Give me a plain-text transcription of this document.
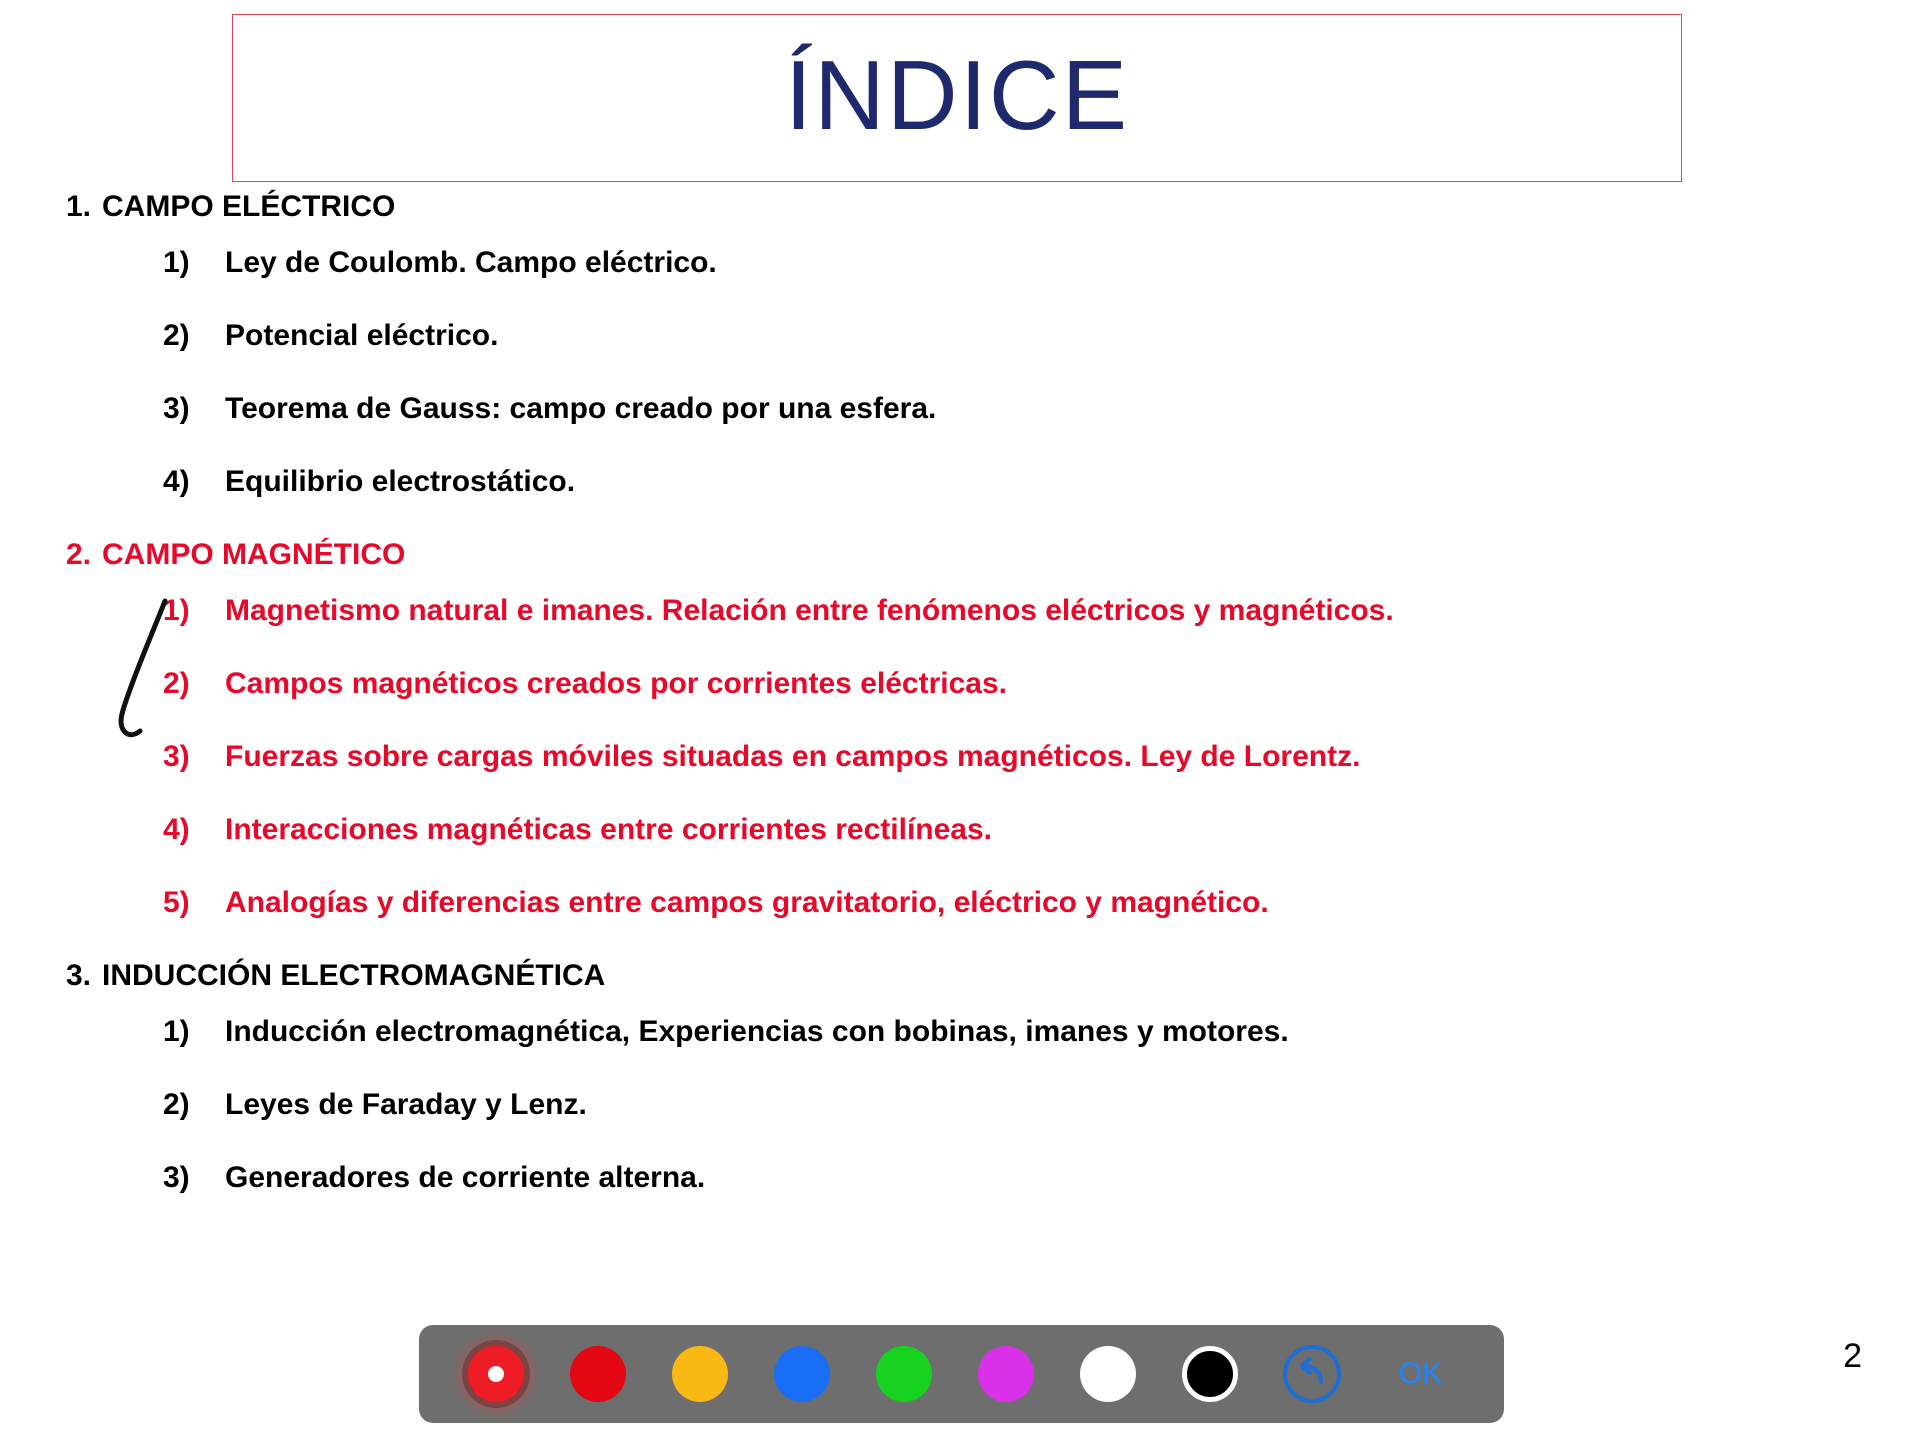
ÍNDICE
1. CAMPO ELÉCTRICO
1)	Ley de Coulomb. Campo eléctrico.
2)	Potencial eléctrico.
3)	Teorema de Gauss: campo creado por una esfera.
4)	Equilibrio electrostático.
2. CAMPO MAGNÉTICO
1)	Magnetismo natural e imanes. Relación entre fenómenos eléctricos y magnéticos.
2)	Campos magnéticos creados por corrientes eléctricas.
3)	Fuerzas sobre cargas móviles situadas en campos magnéticos. Ley de Lorentz.
4)	Interacciones magnéticas entre corrientes rectilíneas.
5)	Analogías y diferencias entre campos gravitatorio, eléctrico y magnético.
3. INDUCCIÓN ELECTROMAGNÉTICA
1)	Inducción electromagnética, Experiencias con bobinas, imanes y motores.
2)	Leyes de Faraday y Lenz.
3)	Generadores de corriente alterna.
2
OK
